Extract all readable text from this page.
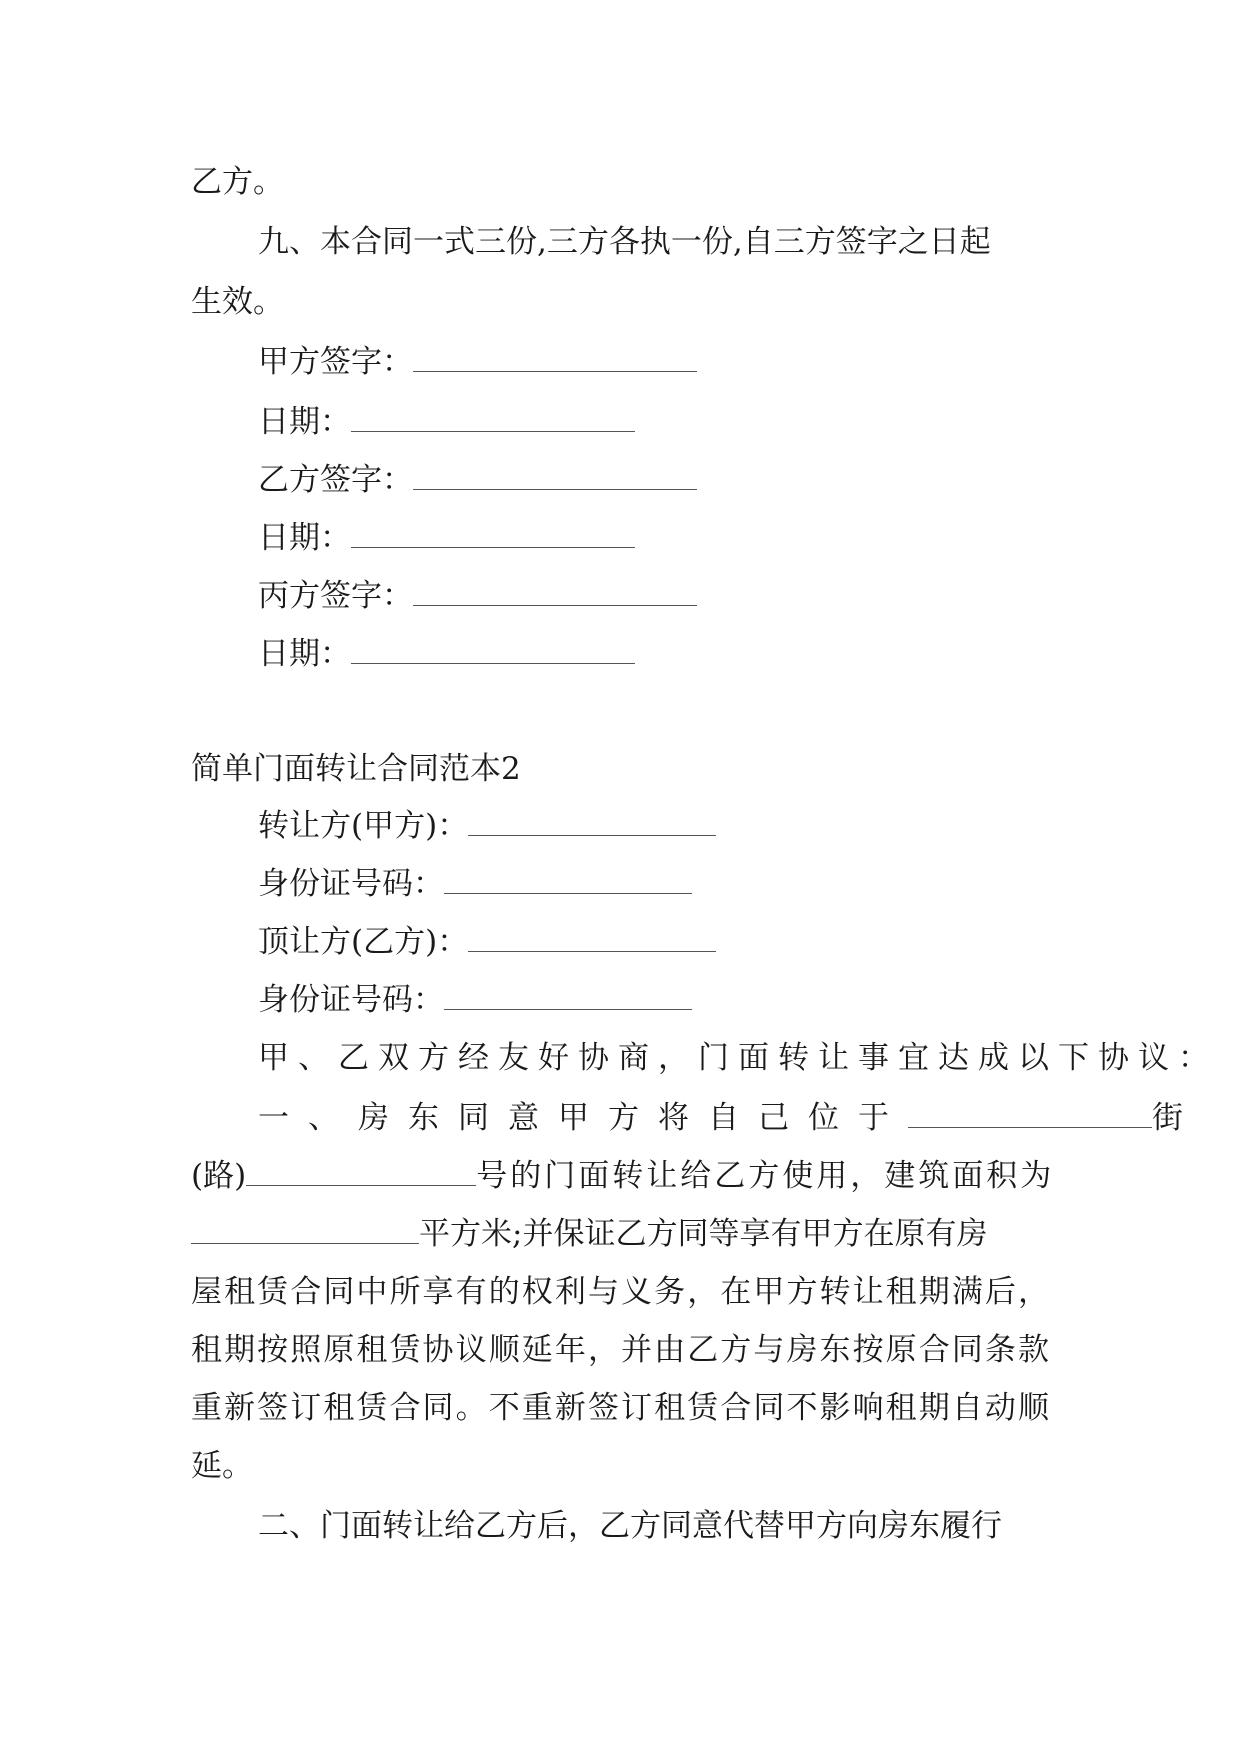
乙方。
九、本合同一式三份,三方各执一份,自三方签字之日起
生效。
甲方签字：
日期：
乙方签字：
日期：
丙方签字：
日期：
简单门面转让合同范本2
转让方(甲方)：
身份证号码：
顶让方(乙方)：
身份证号码：
甲、乙双方经友好协商，门面转让事宜达成以下协议：
一、房东同意甲方将自己位于	街
(路)	号的门面转让给乙方使用，建筑面积为
平方米;并保证乙方同等享有甲方在原有房
屋租赁合同中所享有的权利与义务，在甲方转让租期满后，
租期按照原租赁协议顺延年，并由乙方与房东按原合同条款
重新签订租赁合同。不重新签订租赁合同不影响租期自动顺
延。
二、门面转让给乙方后，乙方同意代替甲方向房东履行
